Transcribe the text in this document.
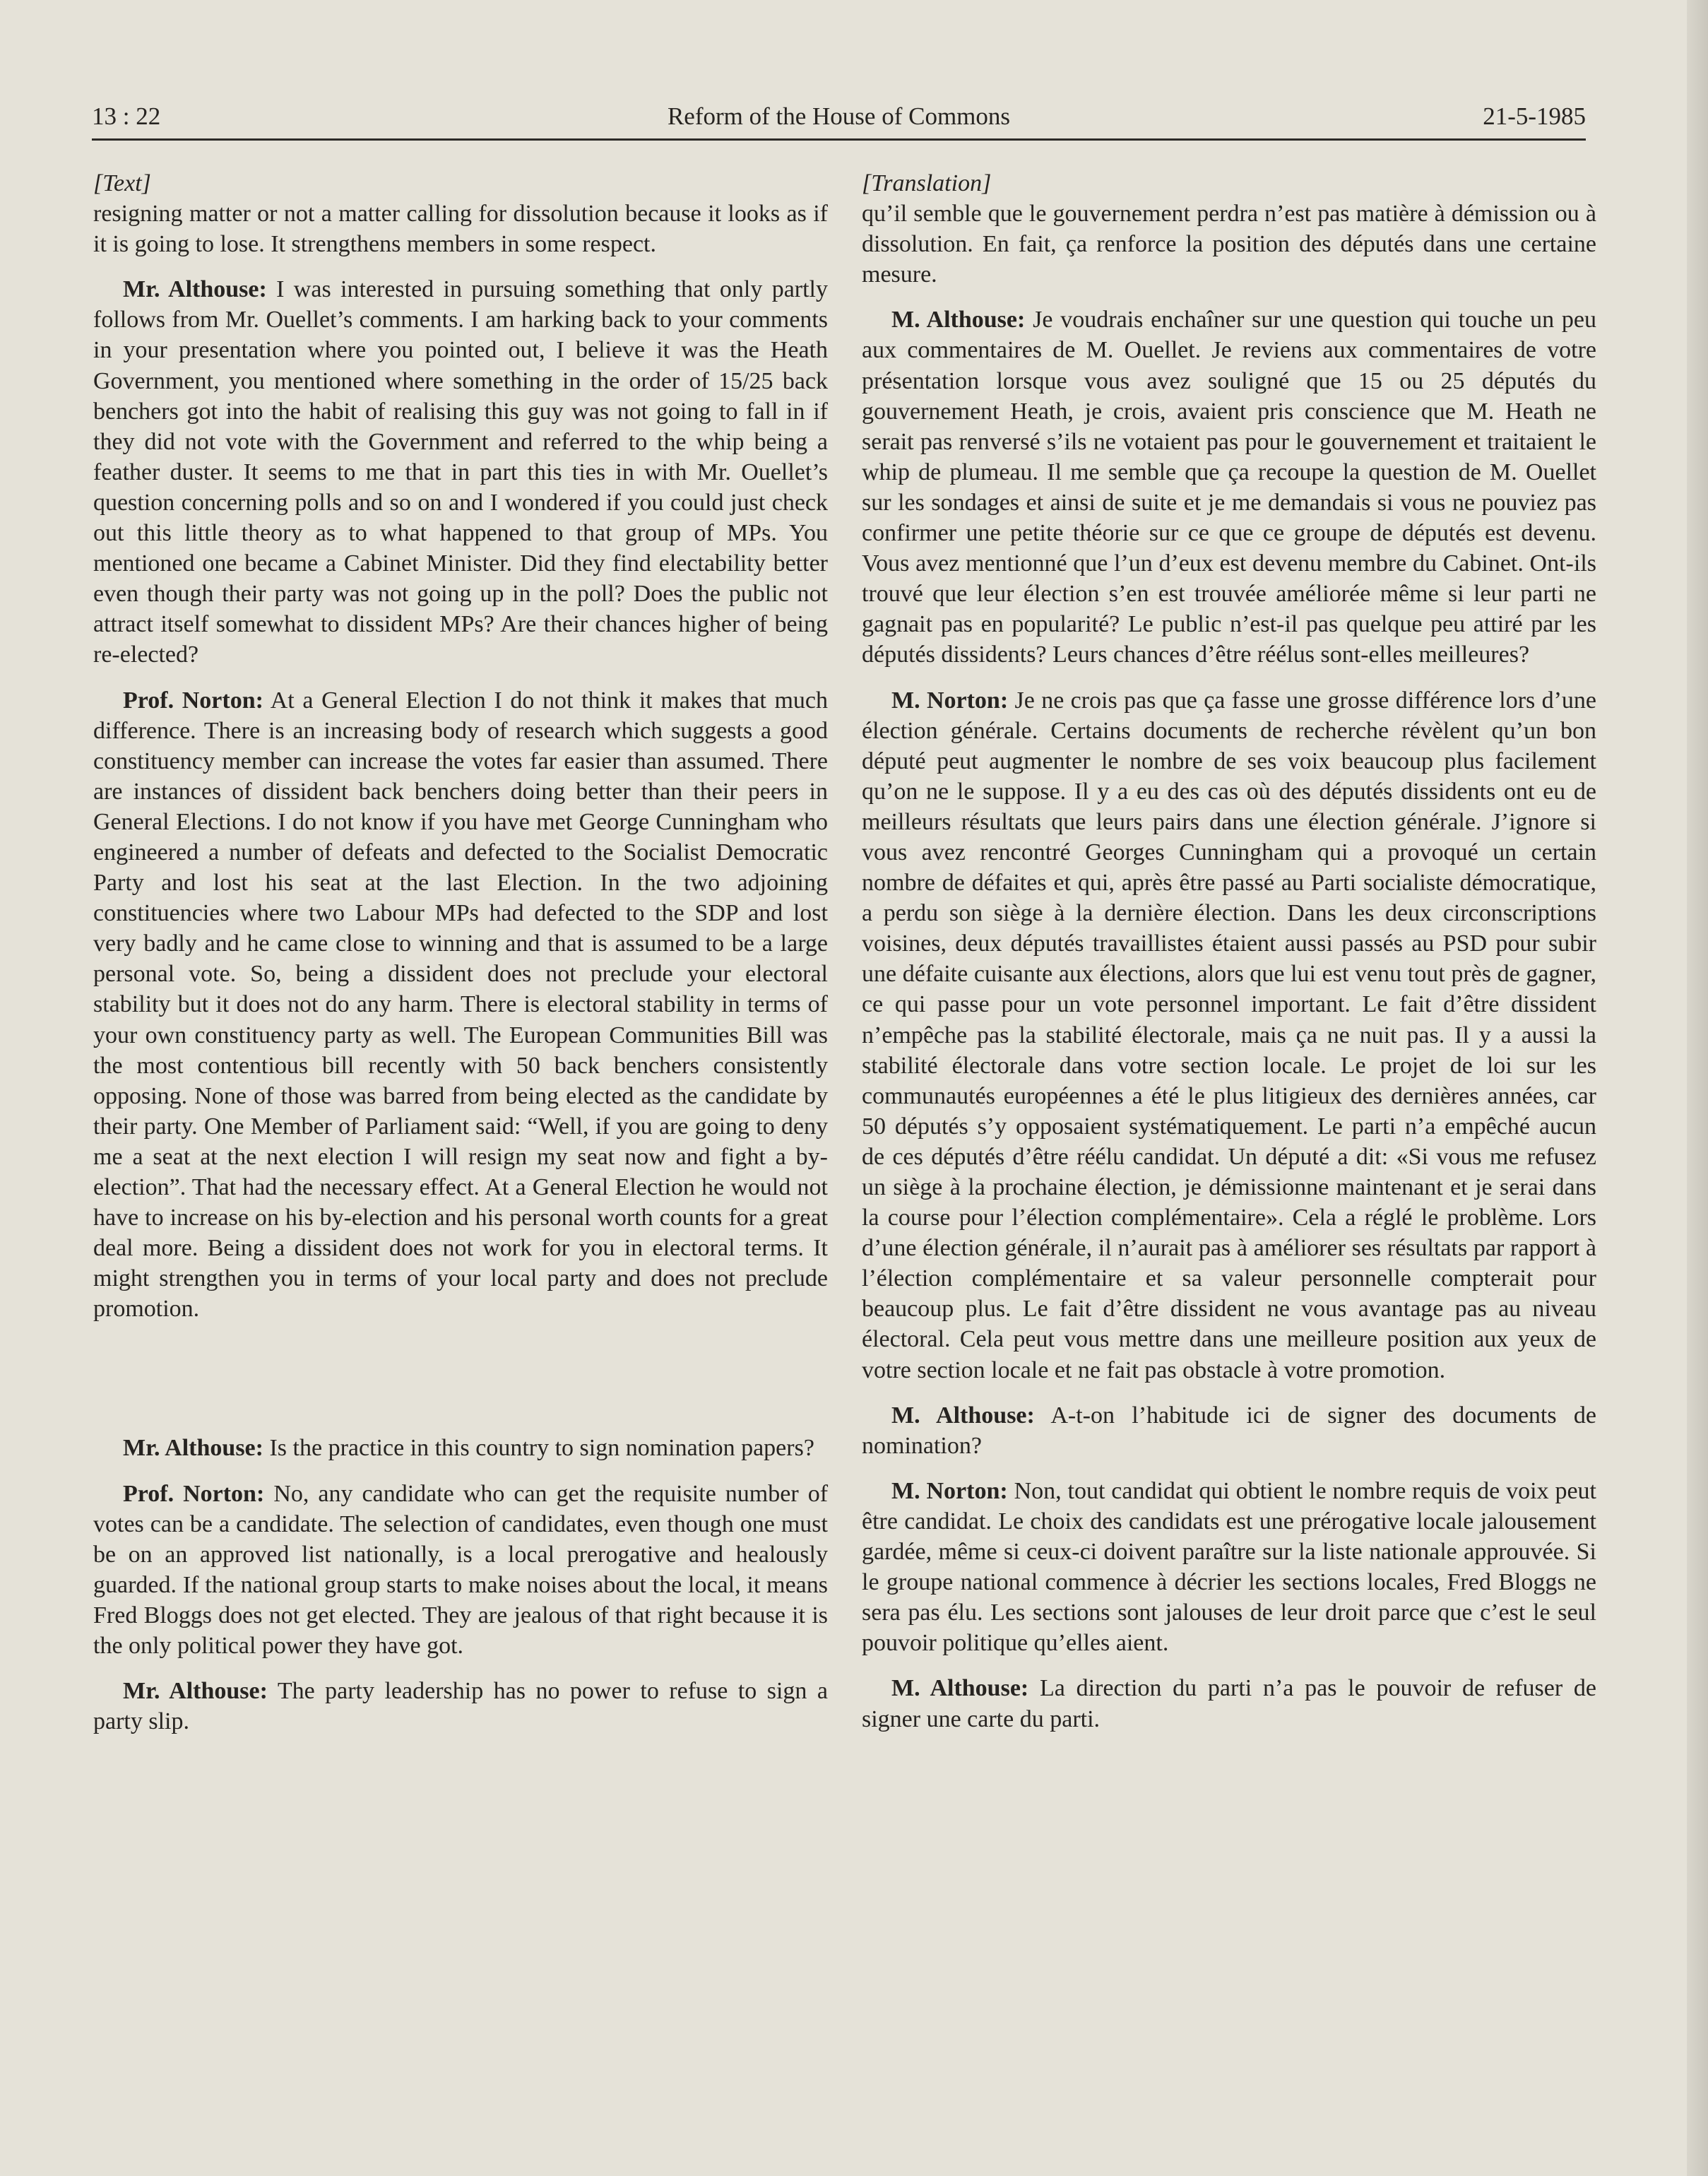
13 : 22	Reform of the House of Commons	21-5-1985

[Text]

resigning matter or not a matter calling for dissolution because it looks as if it is going to lose. It strengthens members in some respect.

Mr. Althouse: I was interested in pursuing something that only partly follows from Mr. Ouellet’s comments. I am harking back to your comments in your presentation where you pointed out, I believe it was the Heath Government, you mentioned where something in the order of 15/25 back benchers got into the habit of realising this guy was not going to fall in if they did not vote with the Government and referred to the whip being a feather duster. It seems to me that in part this ties in with Mr. Ouellet’s question concerning polls and so on and I wondered if you could just check out this little theory as to what happened to that group of MPs. You mentioned one became a Cabinet Minister. Did they find electability better even though their party was not going up in the poll? Does the public not attract itself somewhat to dissident MPs? Are their chances higher of being re-elected?

Prof. Norton: At a General Election I do not think it makes that much difference. There is an increasing body of research which suggests a good constituency member can increase the votes far easier than assumed. There are instances of dissident back benchers doing better than their peers in General Elections. I do not know if you have met George Cunningham who engineered a number of defeats and defected to the Socialist Democratic Party and lost his seat at the last Election. In the two adjoining constituencies where two Labour MPs had defected to the SDP and lost very badly and he came close to winning and that is assumed to be a large personal vote. So, being a dissident does not preclude your electoral stability but it does not do any harm. There is electoral stability in terms of your own constituency party as well. The European Communities Bill was the most contentious bill recently with 50 back benchers consistently opposing. None of those was barred from being elected as the candidate by their party. One Member of Parliament said: “Well, if you are going to deny me a seat at the next election I will resign my seat now and fight a by-election”. That had the necessary effect. At a General Election he would not have to increase on his by-election and his personal worth counts for a great deal more. Being a dissident does not work for you in electoral terms. It might strengthen you in terms of your local party and does not preclude promotion.

Mr. Althouse: Is the practice in this country to sign nomination papers?

Prof. Norton: No, any candidate who can get the requisite number of votes can be a candidate. The selection of candidates, even though one must be on an approved list nationally, is a local prerogative and healously guarded. If the national group starts to make noises about the local, it means Fred Bloggs does not get elected. They are jealous of that right because it is the only political power they have got.

Mr. Althouse: The party leadership has no power to refuse to sign a party slip.

[Translation]

qu’il semble que le gouvernement perdra n’est pas matière à démission ou à dissolution. En fait, ça renforce la position des députés dans une certaine mesure.

M. Althouse: Je voudrais enchaîner sur une question qui touche un peu aux commentaires de M. Ouellet. Je reviens aux commentaires de votre présentation lorsque vous avez souligné que 15 ou 25 députés du gouvernement Heath, je crois, avaient pris conscience que M. Heath ne serait pas renversé s’ils ne votaient pas pour le gouvernement et traitaient le whip de plumeau. Il me semble que ça recoupe la question de M. Ouellet sur les sondages et ainsi de suite et je me demandais si vous ne pouviez pas confirmer une petite théorie sur ce que ce groupe de députés est devenu. Vous avez mentionné que l’un d’eux est devenu membre du Cabinet. Ont-ils trouvé que leur élection s’en est trouvée améliorée même si leur parti ne gagnait pas en popularité? Le public n’est-il pas quelque peu attiré par les députés dissidents? Leurs chances d’être réélus sont-elles meilleures?

M. Norton: Je ne crois pas que ça fasse une grosse différence lors d’une élection générale. Certains documents de recherche révèlent qu’un bon député peut augmenter le nombre de ses voix beaucoup plus facilement qu’on ne le suppose. Il y a eu des cas où des députés dissidents ont eu de meilleurs résultats que leurs pairs dans une élection générale. J’ignore si vous avez rencontré Georges Cunningham qui a provoqué un certain nombre de défaites et qui, après être passé au Parti socialiste démocratique, a perdu son siège à la dernière élection. Dans les deux circonscriptions voisines, deux députés travaillistes étaient aussi passés au PSD pour subir une défaite cuisante aux élections, alors que lui est venu tout près de gagner, ce qui passe pour un vote personnel important. Le fait d’être dissident n’empêche pas la stabilité électorale, mais ça ne nuit pas. Il y a aussi la stabilité électorale dans votre section locale. Le projet de loi sur les communautés européennes a été le plus litigieux des dernières années, car 50 députés s’y opposaient systématiquement. Le parti n’a empêché aucun de ces députés d’être réélu candidat. Un député a dit: «Si vous me refusez un siège à la prochaine élection, je démissionne maintenant et je serai dans la course pour l’élection complémentaire». Cela a réglé le problème. Lors d’une élection générale, il n’aurait pas à améliorer ses résultats par rapport à l’élection complémentaire et sa valeur personnelle compterait pour beaucoup plus. Le fait d’être dissident ne vous avantage pas au niveau électoral. Cela peut vous mettre dans une meilleure position aux yeux de votre section locale et ne fait pas obstacle à votre promotion.

M. Althouse: A-t-on l’habitude ici de signer des documents de nomination?

M. Norton: Non, tout candidat qui obtient le nombre requis de voix peut être candidat. Le choix des candidats est une prérogative locale jalousement gardée, même si ceux-ci doivent paraître sur la liste nationale approuvée. Si le groupe national commence à décrier les sections locales, Fred Bloggs ne sera pas élu. Les sections sont jalouses de leur droit parce que c’est le seul pouvoir politique qu’elles aient.

M. Althouse: La direction du parti n’a pas le pouvoir de refuser de signer une carte du parti.
